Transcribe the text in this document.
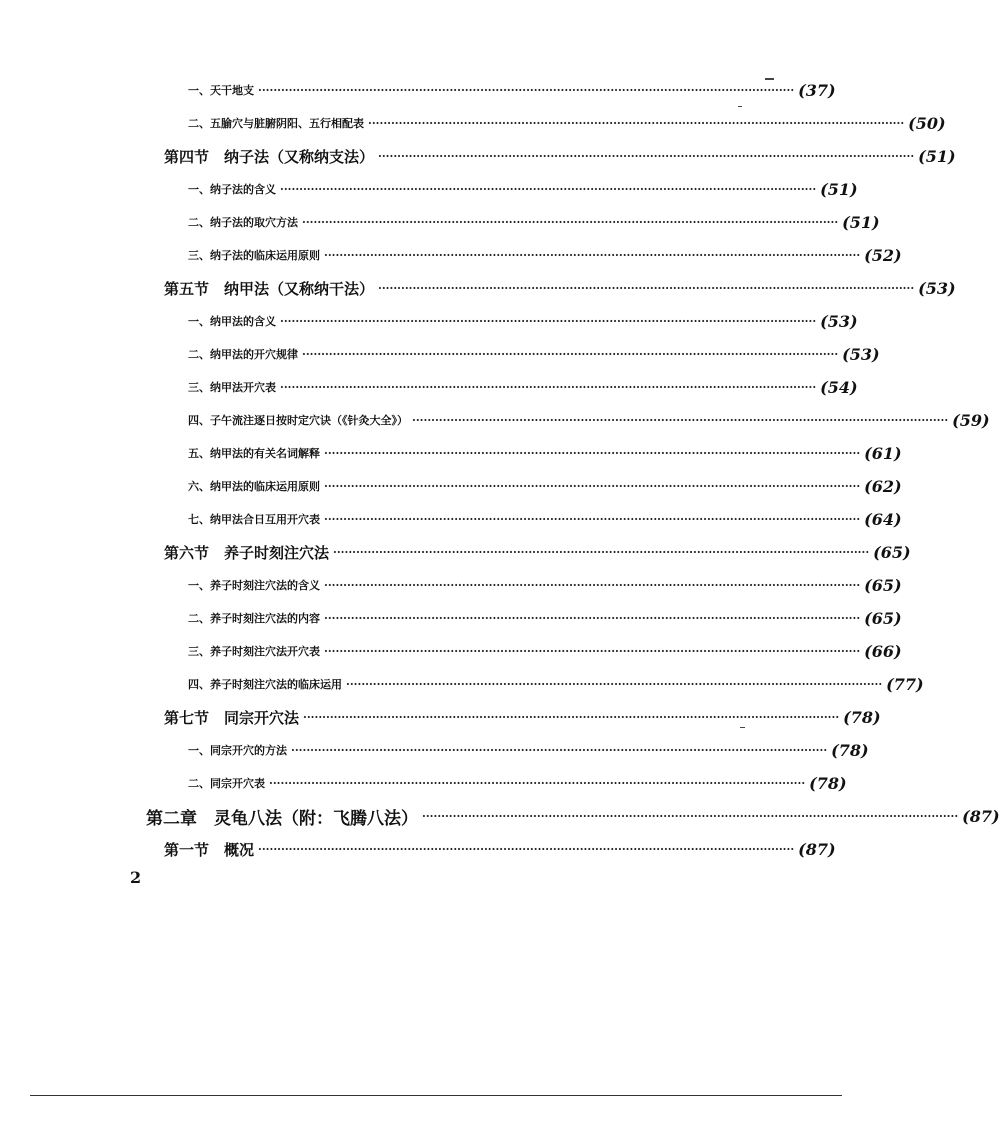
一、天干地支 ············································································································································ (37)
二、五腧穴与脏腑阴阳、五行相配表 ············································································································································ (50)
第四节　纳子法（又称纳支法） ············································································································································ (51)
一、纳子法的含义 ············································································································································ (51)
二、纳子法的取穴方法 ············································································································································ (51)
三、纳子法的临床运用原则 ············································································································································ (52)
第五节　纳甲法（又称纳干法） ············································································································································ (53)
一、纳甲法的含义 ············································································································································ (53)
二、纳甲法的开穴规律 ············································································································································ (53)
三、纳甲法开穴表 ············································································································································ (54)
四、子午流注逐日按时定穴诀（《针灸大全》） ············································································································································ (59)
五、纳甲法的有关名词解释 ············································································································································ (61)
六、纳甲法的临床运用原则 ············································································································································ (62)
七、纳甲法合日互用开穴表 ············································································································································ (64)
第六节　养子时刻注穴法 ············································································································································ (65)
一、养子时刻注穴法的含义 ············································································································································ (65)
二、养子时刻注穴法的内容 ············································································································································ (65)
三、养子时刻注穴法开穴表 ············································································································································ (66)
四、养子时刻注穴法的临床运用 ············································································································································ (77)
第七节　同宗开穴法 ············································································································································ (78)
一、同宗开穴的方法 ············································································································································ (78)
二、同宗开穴表 ············································································································································ (78)
第二章　灵龟八法（附：飞腾八法） ············································································································································ (87)
第一节　概况 ············································································································································ (87)
2
